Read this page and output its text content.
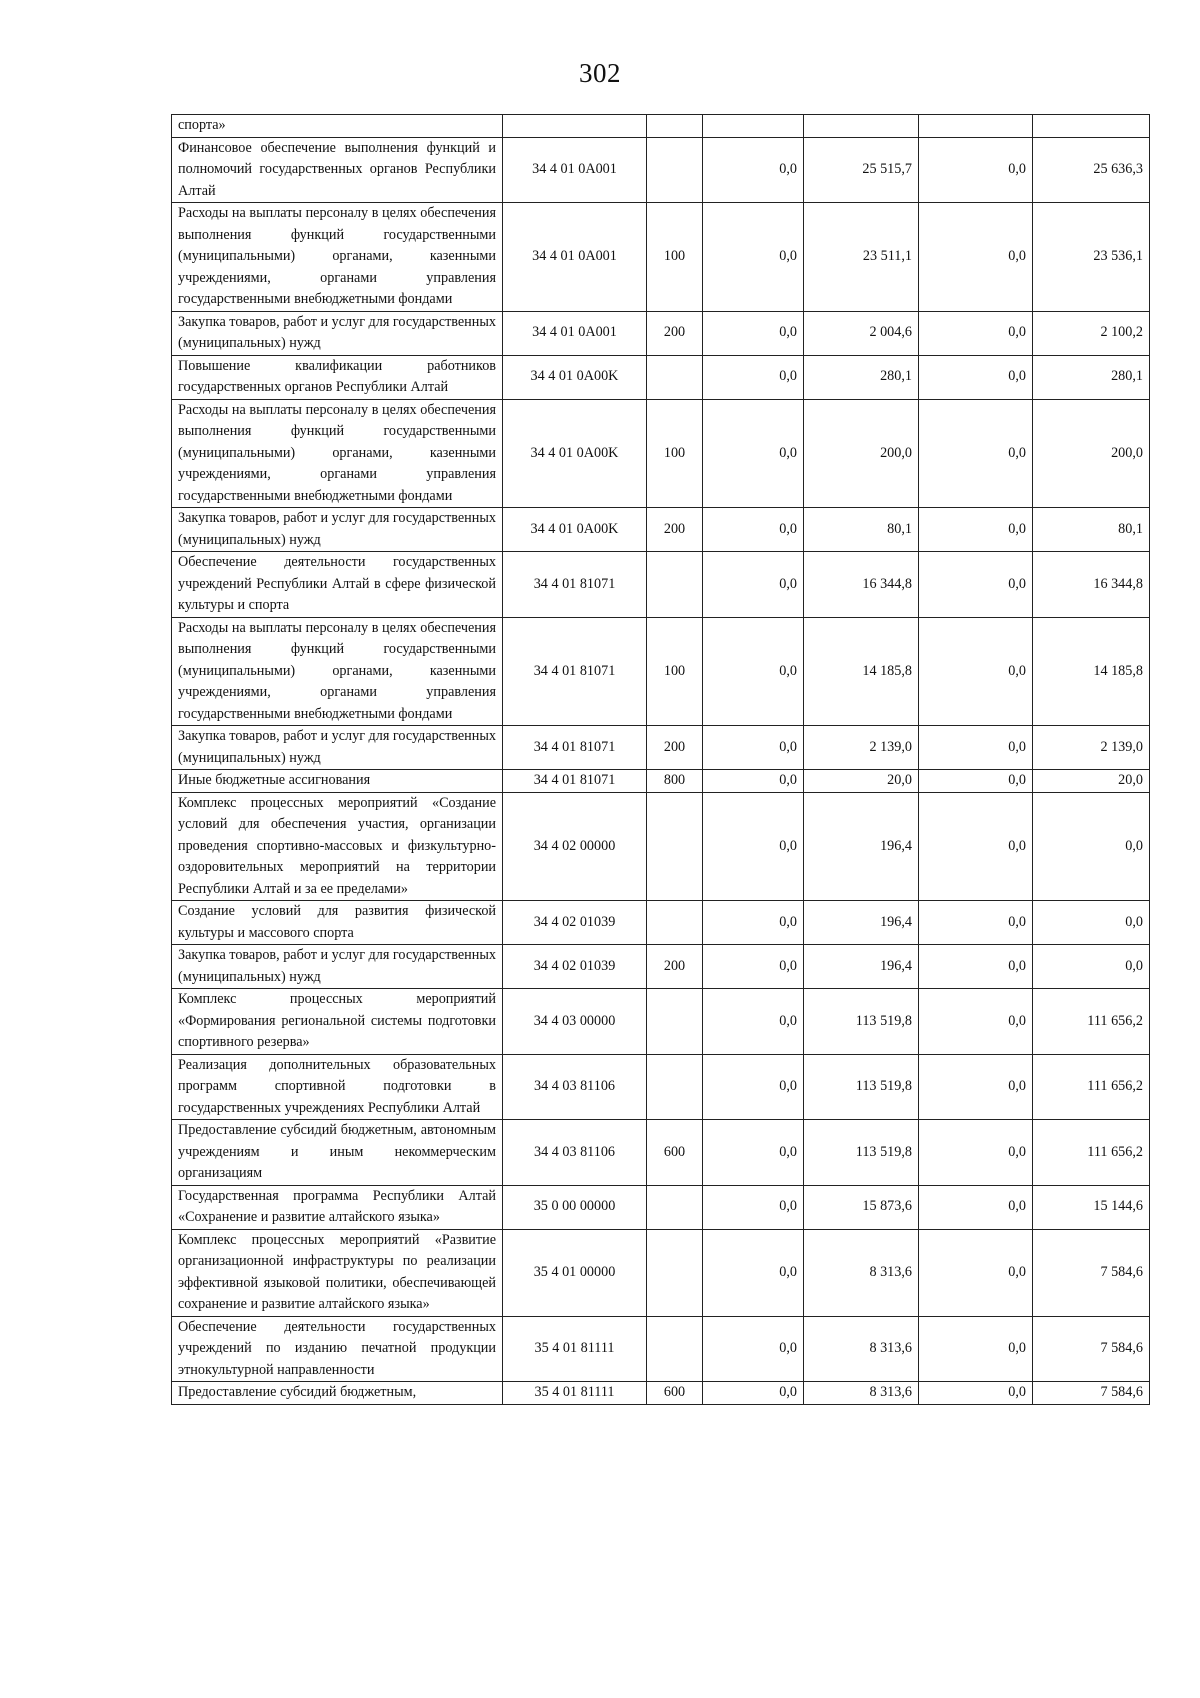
302
спорта»						
Финансовое обеспечение выполнения функций и полномочий государственных органов Республики Алтай	34 4 01 0A001		0,0	25 515,7	0,0	25 636,3
Расходы на выплаты персоналу в целях обеспечения выполнения функций государственными (муниципальными) органами, казенными учреждениями, органами управления государственными внебюджетными фондами	34 4 01 0A001	100	0,0	23 511,1	0,0	23 536,1
Закупка товаров, работ и услуг для государственных (муниципальных) нужд	34 4 01 0A001	200	0,0	2 004,6	0,0	2 100,2
Повышение квалификации работников государственных органов Республики Алтай	34 4 01 0A00K		0,0	280,1	0,0	280,1
Расходы на выплаты персоналу в целях обеспечения выполнения функций государственными (муниципальными) органами, казенными учреждениями, органами управления государственными внебюджетными фондами	34 4 01 0A00K	100	0,0	200,0	0,0	200,0
Закупка товаров, работ и услуг для государственных (муниципальных) нужд	34 4 01 0A00K	200	0,0	80,1	0,0	80,1
Обеспечение деятельности государственных учреждений Республики Алтай в сфере физической культуры и спорта	34 4 01 81071		0,0	16 344,8	0,0	16 344,8
Расходы на выплаты персоналу в целях обеспечения выполнения функций государственными (муниципальными) органами, казенными учреждениями, органами управления государственными внебюджетными фондами	34 4 01 81071	100	0,0	14 185,8	0,0	14 185,8
Закупка товаров, работ и услуг для государственных (муниципальных) нужд	34 4 01 81071	200	0,0	2 139,0	0,0	2 139,0
Иные бюджетные ассигнования	34 4 01 81071	800	0,0	20,0	0,0	20,0
Комплекс процессных мероприятий «Создание условий для обеспечения участия, организации проведения спортивно-массовых и физкультурно-оздоровительных мероприятий на территории Республики Алтай и за ее пределами»	34 4 02 00000		0,0	196,4	0,0	0,0
Создание условий для развития физической культуры и массового спорта	34 4 02 01039		0,0	196,4	0,0	0,0
Закупка товаров, работ и услуг для государственных (муниципальных) нужд	34 4 02 01039	200	0,0	196,4	0,0	0,0
Комплекс процессных мероприятий «Формирования региональной системы подготовки спортивного резерва»	34 4 03 00000		0,0	113 519,8	0,0	111 656,2
Реализация дополнительных образовательных программ спортивной подготовки в государственных учреждениях Республики Алтай	34 4 03 81106		0,0	113 519,8	0,0	111 656,2
Предоставление субсидий бюджетным, автономным учреждениям и иным некоммерческим организациям	34 4 03 81106	600	0,0	113 519,8	0,0	111 656,2
Государственная программа Республики Алтай «Сохранение и развитие алтайского языка»	35 0 00 00000		0,0	15 873,6	0,0	15 144,6
Комплекс процессных мероприятий «Развитие организационной инфраструктуры по реализации эффективной языковой политики, обеспечивающей сохранение и развитие алтайского языка»	35 4 01 00000		0,0	8 313,6	0,0	7 584,6
Обеспечение деятельности государственных учреждений по изданию печатной продукции этнокультурной направленности	35 4 01 81111		0,0	8 313,6	0,0	7 584,6
Предоставление субсидий бюджетным,	35 4 01 81111	600	0,0	8 313,6	0,0	7 584,6
